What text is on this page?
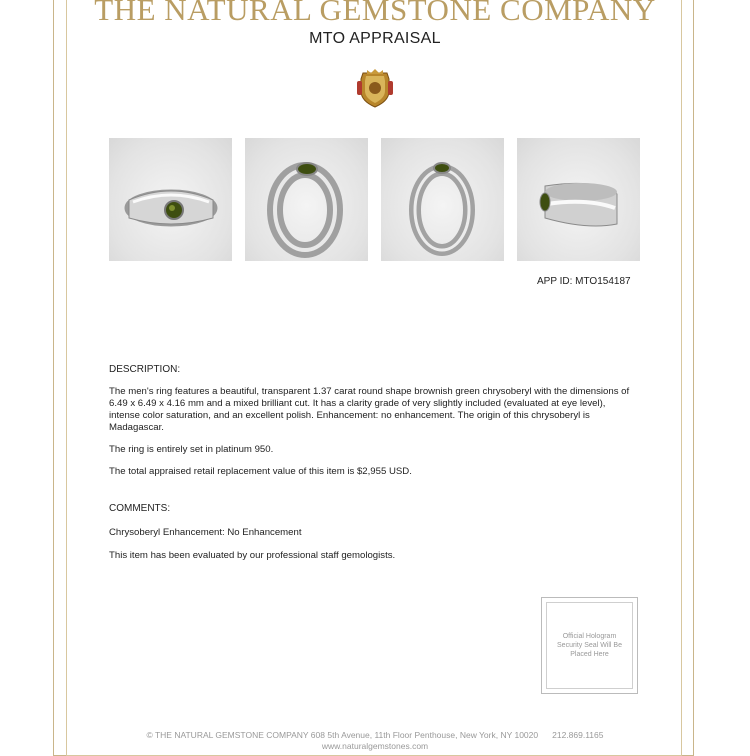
THE NATURAL GEMSTONE COMPANY
MTO APPRAISAL
APP ID: MTO154187
DESCRIPTION:
The men's ring features a beautiful, transparent 1.37 carat round shape brownish green chrysoberyl with the dimensions of 6.49 x 6.49 x 4.16 mm and a mixed brilliant cut. It has a clarity grade of very slightly included (evaluated at eye level), intense color saturation, and an excellent polish. Enhancement: no enhancement. The origin of this chrysoberyl is Madagascar.
The ring is entirely set in platinum 950.
The total appraised retail replacement value of this item is $2,955 USD.
COMMENTS:
Chrysoberyl Enhancement: No Enhancement
This item has been evaluated by our professional staff gemologists.
Official Hologram Security Seal Will Be Placed Here
© THE NATURAL GEMSTONE COMPANY 608 5th Avenue, 11th Floor Penthouse, New York, NY 10020 212.869.1165
www.naturalgemstones.com
